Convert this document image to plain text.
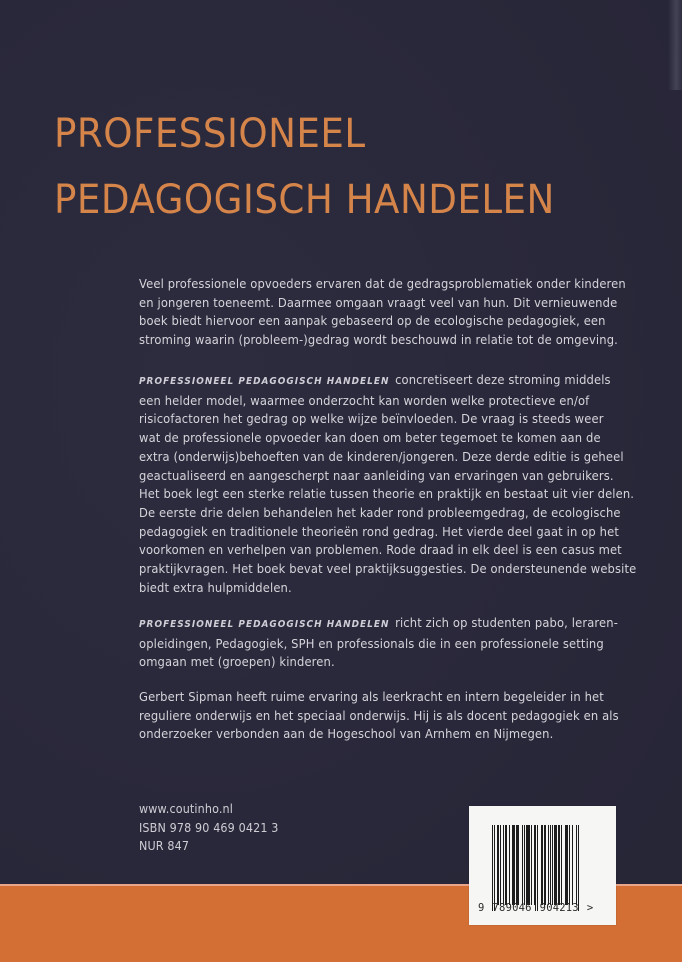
PROFESSIONEEL
PEDAGOGISCH HANDELEN
Veel professionele opvoeders ervaren dat de gedragsproblematiek onder kinderen
en jongeren toeneemt. Daarmee omgaan vraagt veel van hun. Dit vernieuwende
boek biedt hiervoor een aanpak gebaseerd op de ecologische pedagogiek, een
stroming waarin (probleem-)gedrag wordt beschouwd in relatie tot de omgeving.
PROFESSIONEEL PEDAGOGISCH HANDELEN concretiseert deze stroming middels
een helder model, waarmee onderzocht kan worden welke protectieve en/of
risicofactoren het gedrag op welke wijze beïnvloeden. De vraag is steeds weer
wat de professionele opvoeder kan doen om beter tegemoet te komen aan de
extra (onderwijs)behoeften van de kinderen/jongeren. Deze derde editie is geheel
geactualiseerd en aangescherpt naar aanleiding van ervaringen van gebruikers.
Het boek legt een sterke relatie tussen theorie en praktijk en bestaat uit vier delen.
De eerste drie delen behandelen het kader rond probleemgedrag, de ecologische
pedagogiek en traditionele theorieën rond gedrag. Het vierde deel gaat in op het
voorkomen en verhelpen van problemen. Rode draad in elk deel is een casus met
praktijkvragen. Het boek bevat veel praktijksuggesties. De ondersteunende website
biedt extra hulpmiddelen.
PROFESSIONEEL PEDAGOGISCH HANDELEN richt zich op studenten pabo, leraren-
opleidingen, Pedagogiek, SPH en professionals die in een professionele setting
omgaan met (groepen) kinderen.
Gerbert Sipman heeft ruime ervaring als leerkracht en intern begeleider in het
reguliere onderwijs en het speciaal onderwijs. Hij is als docent pedagogiek en als
onderzoeker verbonden aan de Hogeschool van Arnhem en Nijmegen.
www.coutinho.nl
ISBN 978 90 469 0421 3
NUR 847
9 789046 904213 >
